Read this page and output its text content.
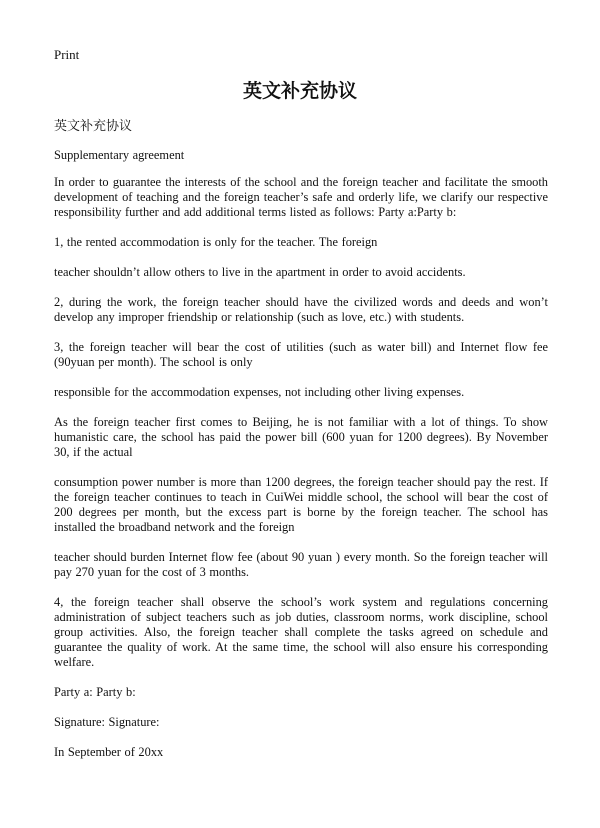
Print
英文补充协议

英文补充协议

Supplementary agreement

In order to guarantee the interests of the school and the foreign teacher and facilitate the smooth development of teaching and the foreign teacher’s safe and orderly life, we clarify our respective responsibility further and add additional terms listed as follows: Party a:Party b:

1, the rented accommodation is only for the teacher. The foreign

teacher shouldn’t allow others to live in the apartment in order to avoid accidents.

2, during the work, the foreign teacher should have the civilized words and deeds and won’t develop any improper friendship or relationship (such as love, etc.) with students.

3, the foreign teacher will bear the cost of utilities (such as water bill) and Internet flow fee (90yuan per month). The school is only

responsible for the accommodation expenses, not including other living expenses.

As the foreign teacher first comes to Beijing, he is not familiar with a lot of things. To show humanistic care, the school has paid the power bill (600 yuan for 1200 degrees). By November 30, if the actual

consumption power number is more than 1200 degrees, the foreign teacher should pay the rest. If the foreign teacher continues to teach in CuiWei middle school, the school will bear the cost of 200 degrees per month, but the excess part is borne by the foreign teacher. The school has installed the broadband network and the foreign

teacher should burden Internet flow fee (about 90 yuan ) every month. So the foreign teacher will pay 270 yuan for the cost of 3 months.

4, the foreign teacher shall observe the school’s work system and regulations concerning administration of subject teachers such as job duties, classroom norms, work discipline, school group activities. Also, the foreign teacher shall complete the tasks agreed on schedule and guarantee the quality of work. At the same time, the school will also ensure his corresponding welfare.

Party a: Party b:

Signature: Signature:

In September of 20xx
